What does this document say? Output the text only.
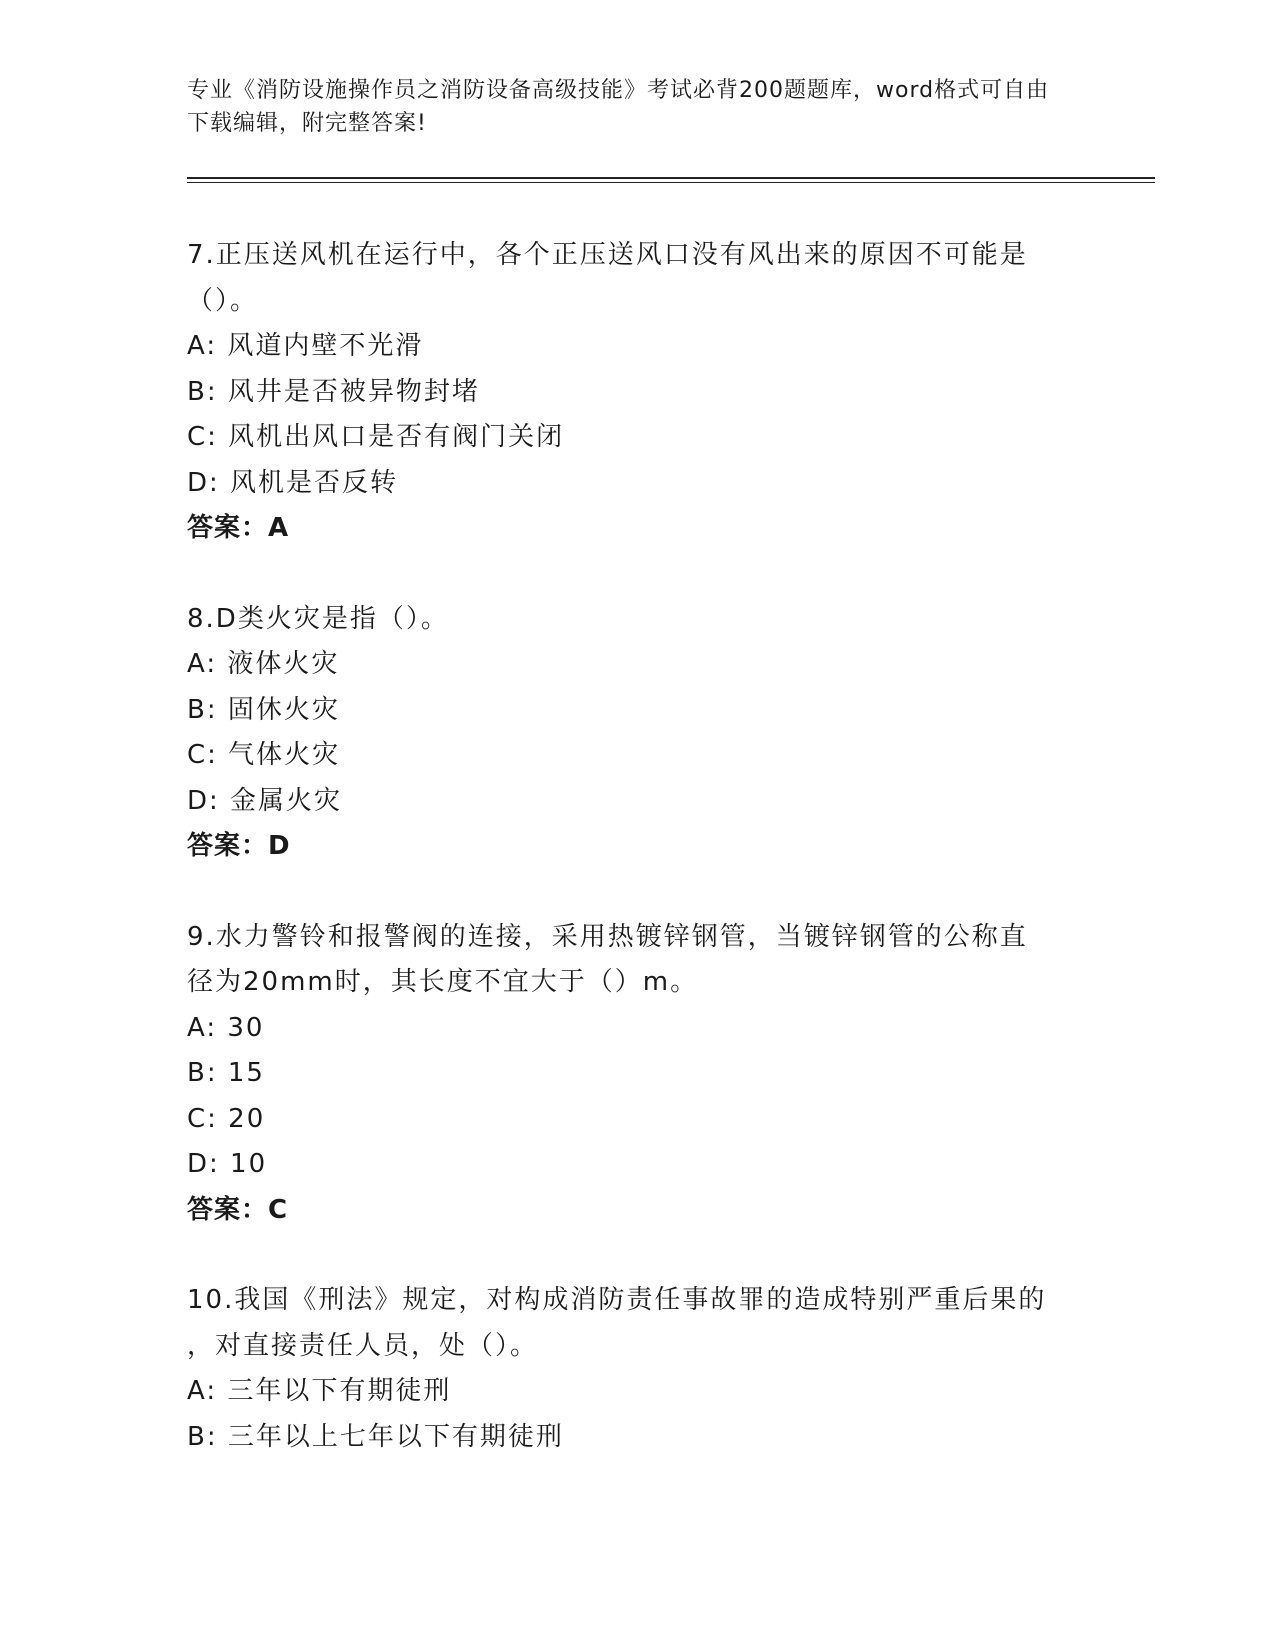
专业《消防设施操作员之消防设备高级技能》考试必背200题题库，word格式可自由下载编辑，附完整答案!
7.正压送风机在运行中，各个正压送风口没有风出来的原因不可能是
（）。
A: 风道内壁不光滑
B: 风井是否被异物封堵
C: 风机出风口是否有阀门关闭
D: 风机是否反转
答案：A
8.D类火灾是指（）。
A: 液体火灾
B: 固休火灾
C: 气体火灾
D: 金属火灾
答案：D
9.水力警铃和报警阀的连接，采用热镀锌钢管，当镀锌钢管的公称直
径为20mm时，其长度不宜大于（）m。
A: 30
B: 15
C: 20
D: 10
答案：C
10.我国《刑法》规定，对构成消防责任事故罪的造成特别严重后果的
，对直接责任人员，处（）。
A: 三年以下有期徒刑
B: 三年以上七年以下有期徒刑
